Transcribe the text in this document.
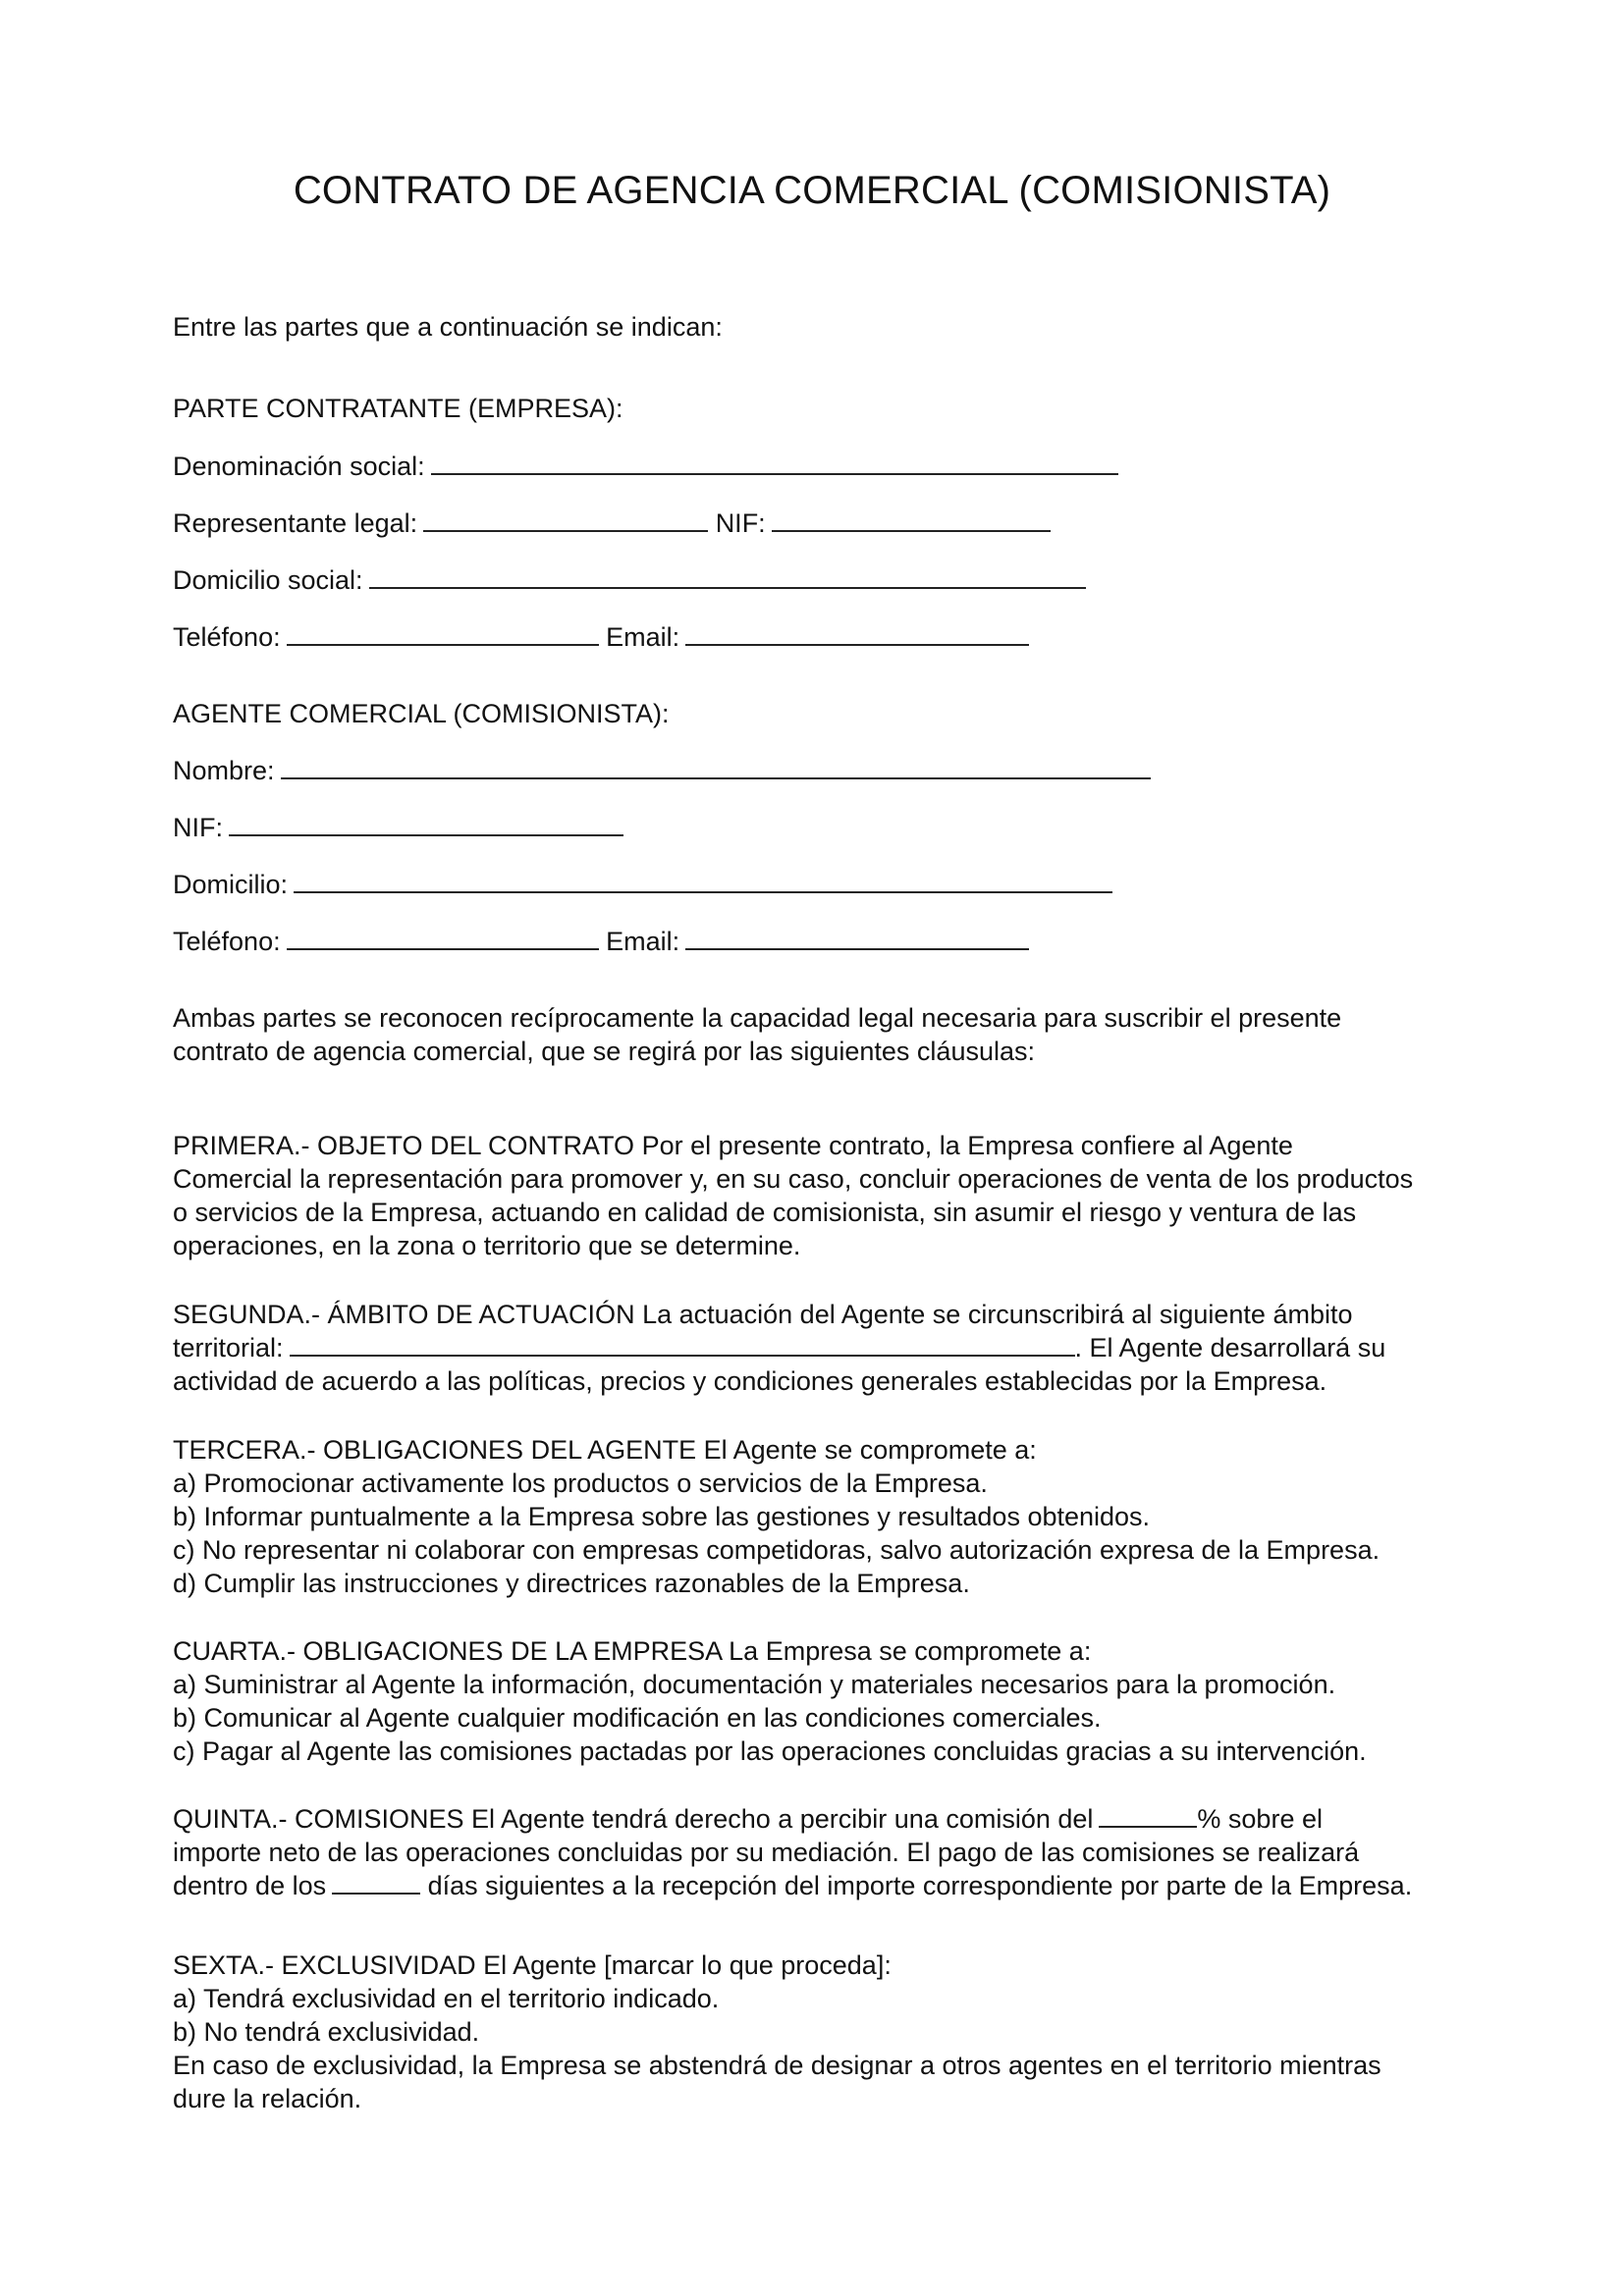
CONTRATO DE AGENCIA COMERCIAL (COMISIONISTA)
Entre las partes que a continuación se indican:
PARTE CONTRATANTE (EMPRESA):
Denominación social:
Representante legal:	NIF:
Domicilio social:
Teléfono:	Email:
AGENTE COMERCIAL (COMISIONISTA):
Nombre:
NIF:
Domicilio:
Teléfono:	Email:
Ambas partes se reconocen recíprocamente la capacidad legal necesaria para suscribir el presente
contrato de agencia comercial, que se regirá por las siguientes cláusulas:
PRIMERA.- OBJETO DEL CONTRATO Por el presente contrato, la Empresa confiere al Agente
Comercial la representación para promover y, en su caso, concluir operaciones de venta de los productos
o servicios de la Empresa, actuando en calidad de comisionista, sin asumir el riesgo y ventura de las
operaciones, en la zona o territorio que se determine.
SEGUNDA.- ÁMBITO DE ACTUACIÓN La actuación del Agente se circunscribirá al siguiente ámbito
territorial:	. El Agente desarrollará su
actividad de acuerdo a las políticas, precios y condiciones generales establecidas por la Empresa.
TERCERA.- OBLIGACIONES DEL AGENTE El Agente se compromete a:
a) Promocionar activamente los productos o servicios de la Empresa.
b) Informar puntualmente a la Empresa sobre las gestiones y resultados obtenidos.
c) No representar ni colaborar con empresas competidoras, salvo autorización expresa de la Empresa.
d) Cumplir las instrucciones y directrices razonables de la Empresa.
CUARTA.- OBLIGACIONES DE LA EMPRESA La Empresa se compromete a:
a) Suministrar al Agente la información, documentación y materiales necesarios para la promoción.
b) Comunicar al Agente cualquier modificación en las condiciones comerciales.
c) Pagar al Agente las comisiones pactadas por las operaciones concluidas gracias a su intervención.
QUINTA.- COMISIONES El Agente tendrá derecho a percibir una comisión del	% sobre el
importe neto de las operaciones concluidas por su mediación. El pago de las comisiones se realizará
dentro de los	días siguientes a la recepción del importe correspondiente por parte de la Empresa.
SEXTA.- EXCLUSIVIDAD El Agente [marcar lo que proceda]:
a) Tendrá exclusividad en el territorio indicado.
b) No tendrá exclusividad.
En caso de exclusividad, la Empresa se abstendrá de designar a otros agentes en el territorio mientras
dure la relación.
